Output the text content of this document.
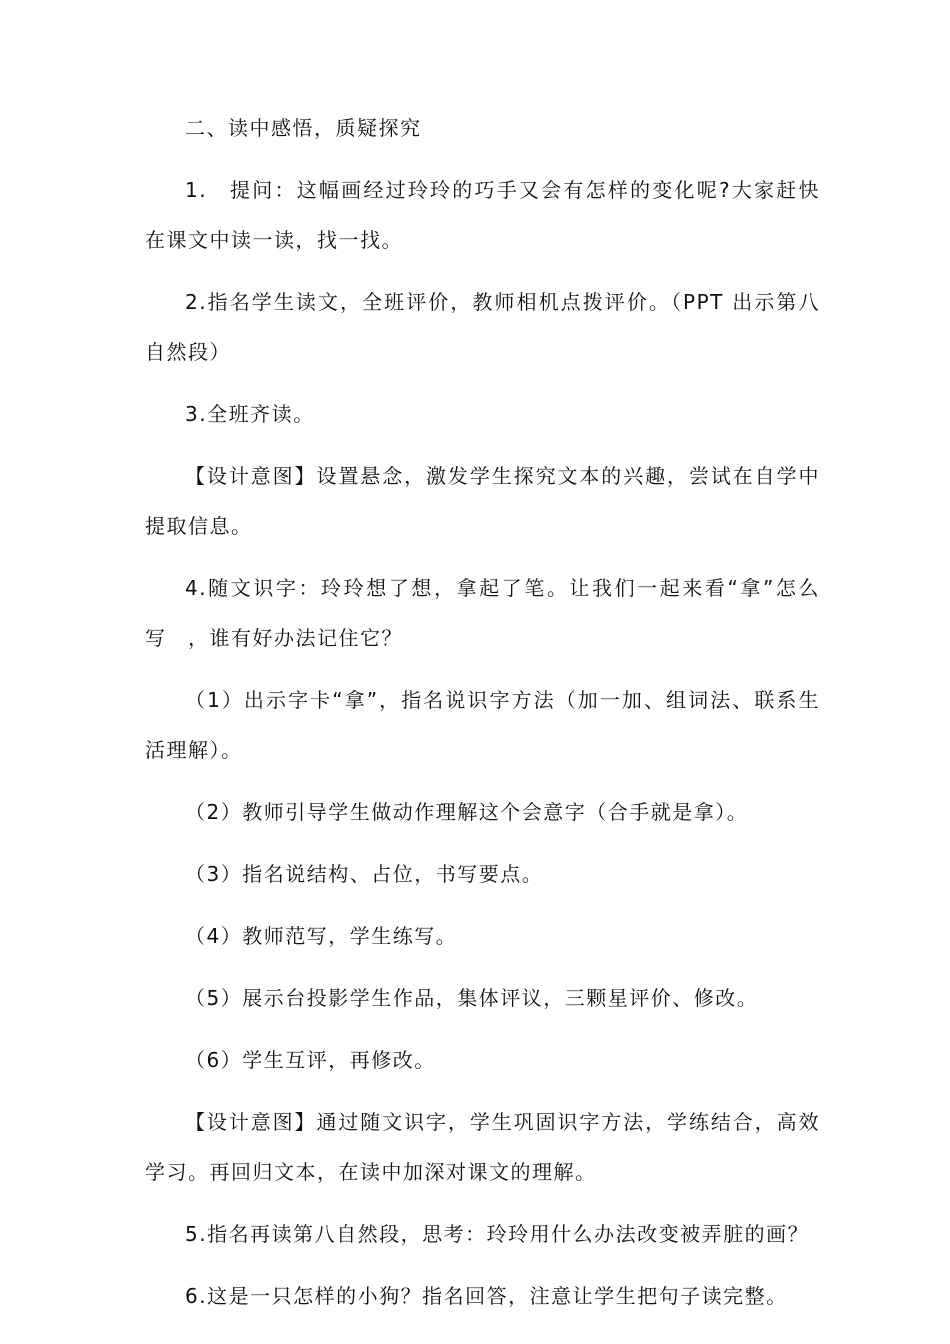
二、读中感悟，质疑探究

1.　提问：这幅画经过玲玲的巧手又会有怎样的变化呢?大家赶快在课文中读一读，找一找。

2.指名学生读文，全班评价，教师相机点拨评价。（PPT 出示第八自然段）

3.全班齐读。

【设计意图】设置悬念，激发学生探究文本的兴趣，尝试在自学中提取信息。

4.随文识字：玲玲想了想，拿起了笔。让我们一起来看“拿”怎么写　，谁有好办法记住它？

（1）出示字卡“拿”，指名说识字方法（加一加、组词法、联系生活理解）。

（2）教师引导学生做动作理解这个会意字（合手就是拿）。

（3）指名说结构、占位，书写要点。

（4）教师范写，学生练写。

（5）展示台投影学生作品，集体评议，三颗星评价、修改。

（6）学生互评，再修改。

【设计意图】通过随文识字，学生巩固识字方法，学练结合，高效学习。再回归文本，在读中加深对课文的理解。

5.指名再读第八自然段，思考：玲玲用什么办法改变被弄脏的画？

6.这是一只怎样的小狗？指名回答，注意让学生把句子读完整。
